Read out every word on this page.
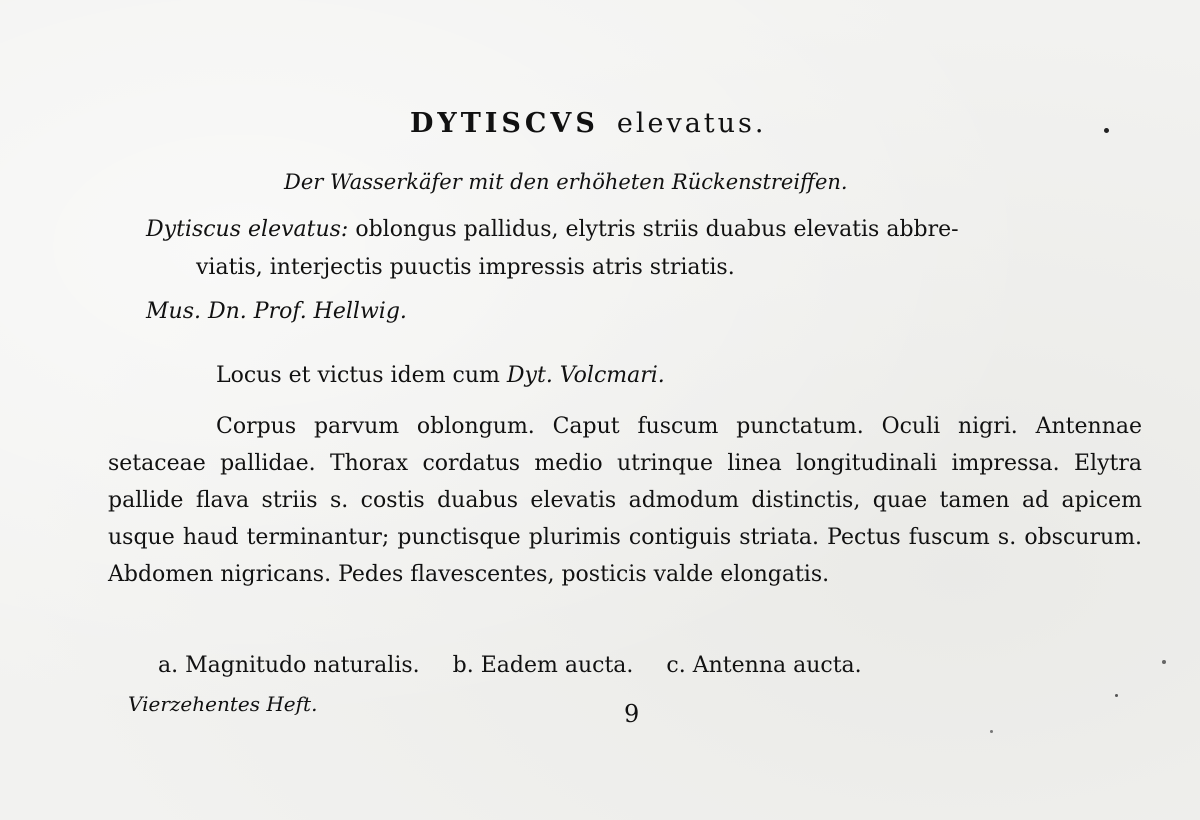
DYTISCVS elevatus.
Der Wasserkäfer mit den erhöheten Rückenstreiffen.
Dytiscus elevatus: oblongus pallidus, elytris striis duabus elevatis abbre-
viatis, interjectis puuctis impressis atris striatis.
Mus. Dn. Prof. Hellwig.
Locus et victus idem cum Dyt. Volcmari.
Corpus parvum oblongum. Caput fuscum punctatum. Oculi nigri. Antennae setaceae pallidae. Thorax cordatus medio utrinque linea longitudinali impressa. Elytra pallide flava striis s. costis duabus elevatis admodum distinctis, quae tamen ad apicem usque haud terminantur; punctisque plurimis contiguis striata. Pectus fuscum s. obscurum. Abdomen nigricans. Pedes flavescentes, posticis valde elongatis.
a. Magnitudo naturalis. b. Eadem aucta. c. Antenna aucta.
Vierzehentes Heft.	9
